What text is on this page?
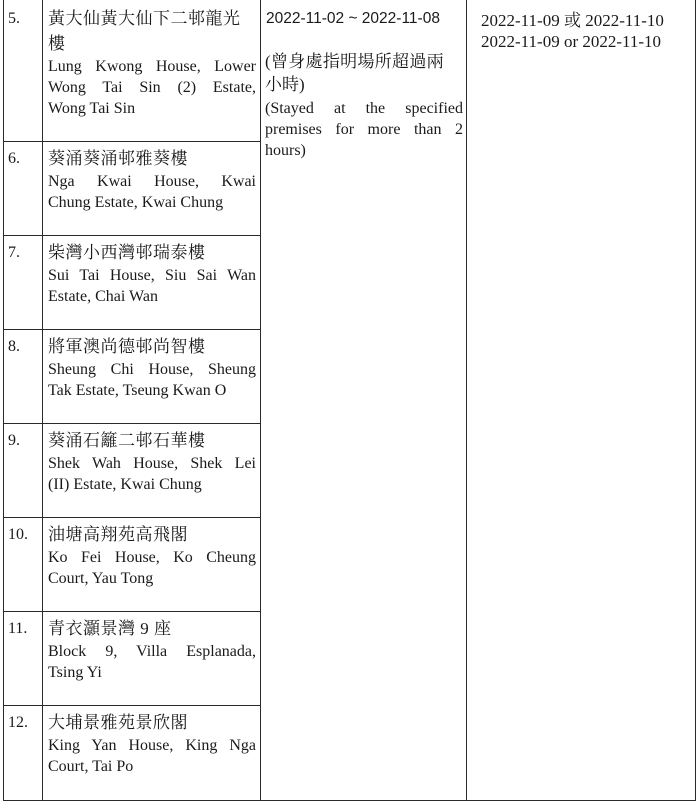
5. 黃大仙黃大仙下二邨龍光
樓
Lung Kwong House, Lower
Wong Tai Sin (2) Estate,
Wong Tai Sin
6. 葵涌葵涌邨雅葵樓
Nga Kwai House, Kwai
Chung Estate, Kwai Chung
7. 柴灣小西灣邨瑞泰樓
Sui Tai House, Siu Sai Wan
Estate, Chai Wan
8. 將軍澳尚德邨尚智樓
Sheung Chi House, Sheung
Tak Estate, Tseung Kwan O
9. 葵涌石籬二邨石華樓
Shek Wah House, Shek Lei
(II) Estate, Kwai Chung
10. 油塘高翔苑高飛閣
Ko Fei House, Ko Cheung
Court, Yau Tong
11. 青衣灝景灣 9 座
Block 9, Villa Esplanada,
Tsing Yi
12. 大埔景雅苑景欣閣
King Yan House, King Nga
Court, Tai Po
2022-11-02 ~ 2022-11-08
(曾身處指明場所超過兩
小時)
(Stayed at the specified
premises for more than 2
hours)
2022-11-09 或 2022-11-10
2022-11-09 or 2022-11-10
